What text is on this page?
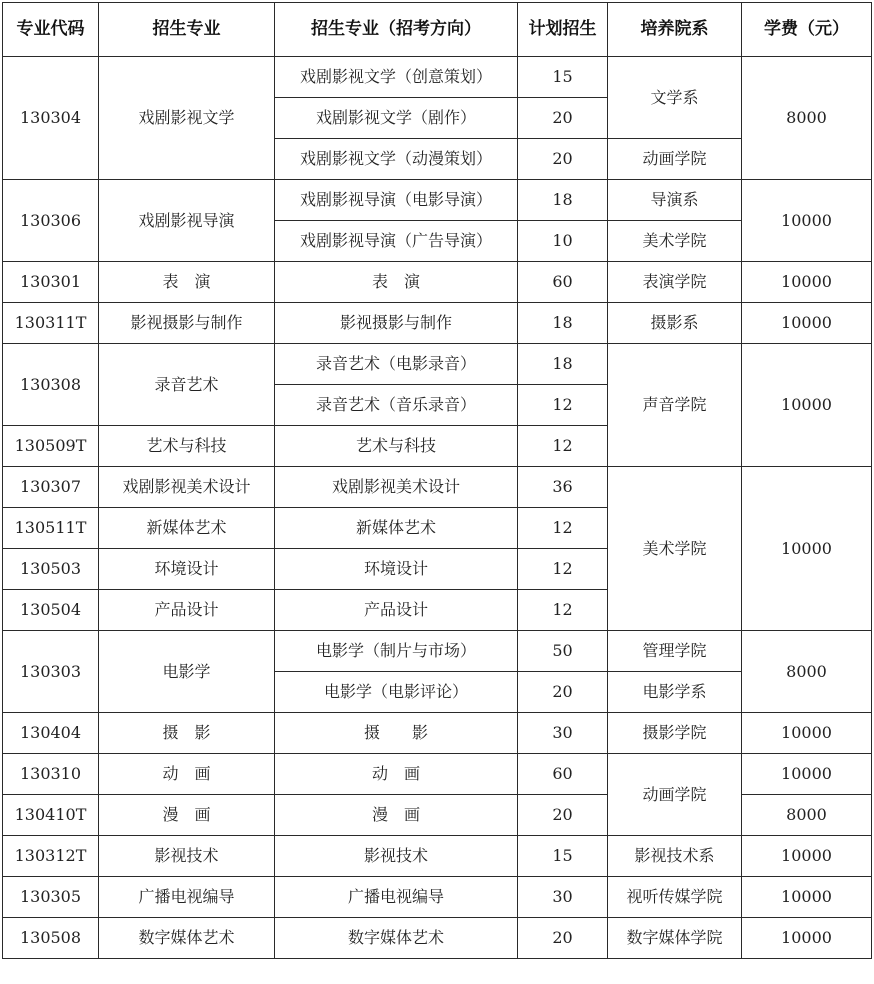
专业代码	招生专业	招生专业（招考方向）	计划招生	培养院系	学费（元）
130304	戏剧影视文学	戏剧影视文学（创意策划）	15	文学系	8000
		戏剧影视文学（剧作）	20		
		戏剧影视文学（动漫策划）	20	动画学院	
130306	戏剧影视导演	戏剧影视导演（电影导演）	18	导演系	10000
		戏剧影视导演（广告导演）	10	美术学院	
130301	表　演	表　演	60	表演学院	10000
130311T	影视摄影与制作	影视摄影与制作	18	摄影系	10000
130308	录音艺术	录音艺术（电影录音）	18	声音学院	10000
		录音艺术（音乐录音）	12		
130509T	艺术与科技	艺术与科技	12		
130307	戏剧影视美术设计	戏剧影视美术设计	36	美术学院	10000
130511T	新媒体艺术	新媒体艺术	12		
130503	环境设计	环境设计	12		
130504	产品设计	产品设计	12		
130303	电影学	电影学（制片与市场）	50	管理学院	8000
		电影学（电影评论）	20	电影学系	
130404	摄　影	摄　　影	30	摄影学院	10000
130310	动　画	动　画	60	动画学院	10000
130410T	漫　画	漫　画	20		8000
130312T	影视技术	影视技术	15	影视技术系	10000
130305	广播电视编导	广播电视编导	30	视听传媒学院	10000
130508	数字媒体艺术	数字媒体艺术	20	数字媒体学院	10000
